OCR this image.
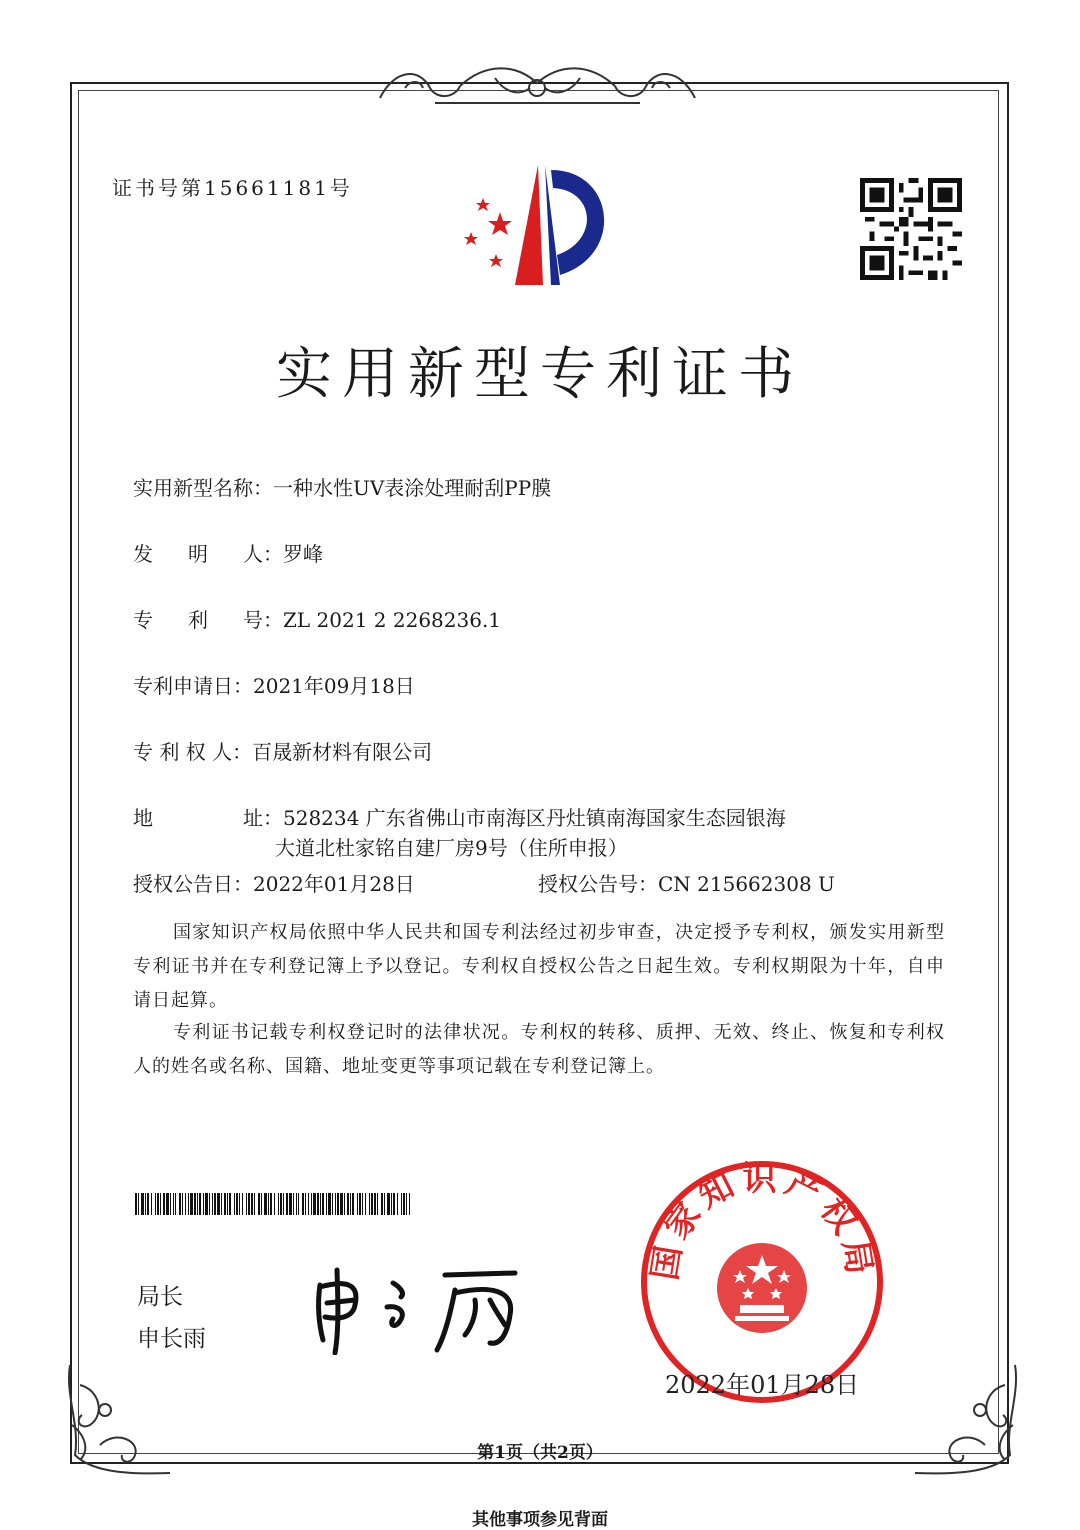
证书号第15661181号
实用新型专利证书
实用新型名称：一种水性UV表涂处理耐刮PP膜
发 明 人 ：罗峰
专 利 号 ：ZL 2021 2 2268236.1
专利申请日：2021年09月18日
专 利 权 人：百晟新材料有限公司
地	址 ：528234 广东省佛山市南海区丹灶镇南海国家生态园银海
大道北杜家铭自建厂房9号（住所申报）
授权公告日：2022年01月28日	授权公告号：CN 215662308 U

国家知识产权局依照中华人民共和国专利法经过初步审查，决定授予专利权，颁发实用新型专利证书并在专利登记簿上予以登记。专利权自授权公告之日起生效。专利权期限为十年，自申请日起算。

专利证书记载专利权登记时的法律状况。专利权的转移、质押、无效、终止、恢复和专利权人的姓名或名称、国籍、地址变更等事项记载在专利登记簿上。

局长
申长雨
国家知识产权局
2022年01月28日
第1页（共2页）
其他事项参见背面
